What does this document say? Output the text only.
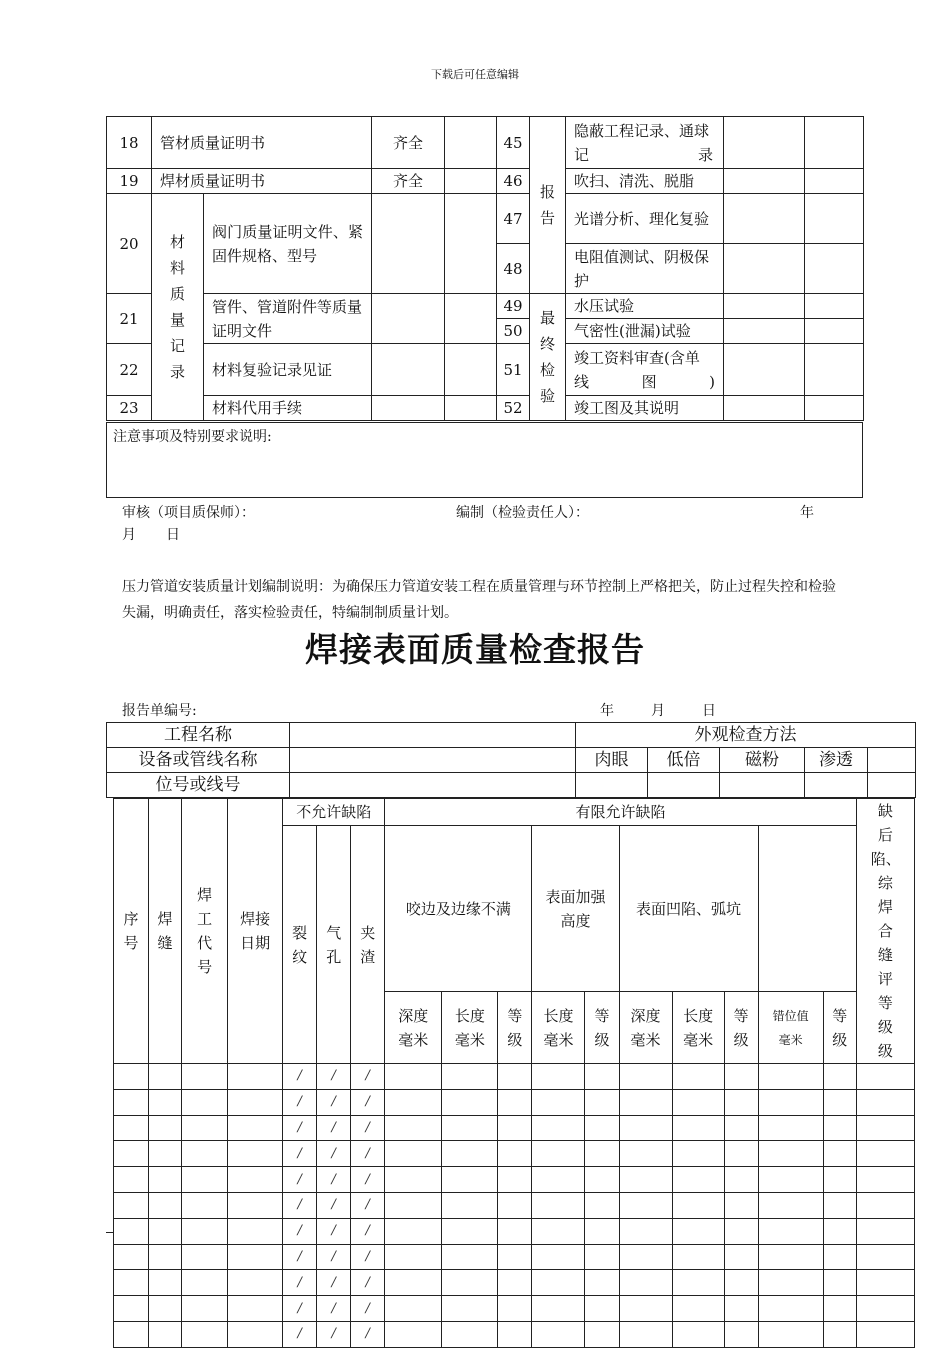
下载后可任意编辑
18	管材质量证明书		齐全		45	报告	隐蔽工程记录、通球
记 录		

19	焊材质量证明书		齐全		46		吹扫、清洗、脱脂		
20	材料质量记录	阀门质量证明文件、紧固件规格、型号			47		光谱分析、理化复验		
					48		电阻值测试、阴极保护		
21		管件、管道附件等质量证明文件			49	最终检验	水压试验		
					50		气密性(泄漏)试验		
22		材料复验记录见证			51		竣工资料审查(含单
线 图 )		

23		材料代用手续			52		竣工图及其说明		
注意事项及特别要求说明:
审核（项目质保师）：	编制（检验责任人）：	年
月 日
压力管道安装质量计划编制说明：为确保压力管道安装工程在质量管理与环节控制上严格把关，防止过程失控和检验失漏，明确责任，落实检验责任，特编制制质量计划。
焊接表面质量检查报告
报告单编号:	年	月	日
工程名称		外观检查方法				
设备或管线名称		肉眼	低倍	磁粉	渗透	
位号或线号						
序号	焊缝	焊工代号	焊接日期	不允许缺陷			有限允许缺陷										缺后陷、综焊合缝评等级级
				裂纹	气孔	夹渣	咬边及边缘不满			表面加强高度		表面凹陷、弧坑					
							深度毫米	长度毫米	等级	长度毫米	等级	深度毫米	长度毫米	等级	错位值毫米	等级	
				/	/	/											
				/	/	/											
				/	/	/											
				/	/	/											
				/	/	/											
				/	/	/											
				/	/	/											
				/	/	/											
				/	/	/											
				/	/	/											
				/	/	/											
